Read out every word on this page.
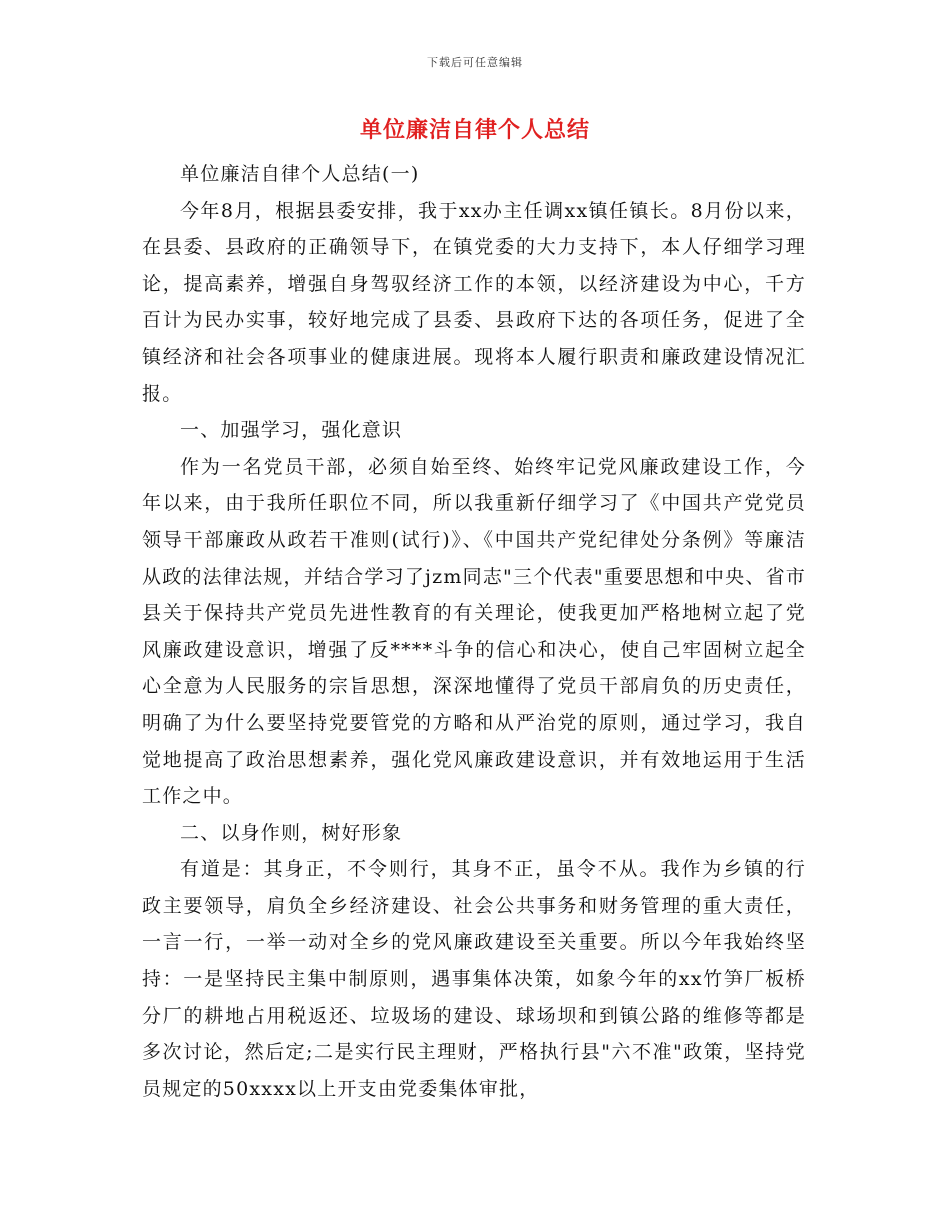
下载后可任意编辑
单位廉洁自律个人总结

单位廉洁自律个人总结(一)

今年8月，根据县委安排，我于xx办主任调xx镇任镇长。8月份以来，在县委、县政府的正确领导下，在镇党委的大力支持下，本人仔细学习理论，提高素养，增强自身驾驭经济工作的本领，以经济建设为中心，千方百计为民办实事，较好地完成了县委、县政府下达的各项任务，促进了全镇经济和社会各项事业的健康进展。现将本人履行职责和廉政建设情况汇报。

一、加强学习，强化意识

作为一名党员干部，必须自始至终、始终牢记党风廉政建设工作，今年以来，由于我所任职位不同，所以我重新仔细学习了《中国共产党党员领导干部廉政从政若干准则(试行)》、《中国共产党纪律处分条例》等廉洁从政的法律法规，并结合学习了jzm同志"三个代表"重要思想和中央、省市县关于保持共产党员先进性教育的有关理论，使我更加严格地树立起了党风廉政建设意识，增强了反****斗争的信心和决心，使自己牢固树立起全心全意为人民服务的宗旨思想，深深地懂得了党员干部肩负的历史责任，明确了为什么要坚持党要管党的方略和从严治党的原则，通过学习，我自觉地提高了政治思想素养，强化党风廉政建设意识，并有效地运用于生活工作之中。

二、以身作则，树好形象

有道是：其身正，不令则行，其身不正，虽令不从。我作为乡镇的行政主要领导，肩负全乡经济建设、社会公共事务和财务管理的重大责任，一言一行，一举一动对全乡的党风廉政建设至关重要。所以今年我始终坚持：一是坚持民主集中制原则，遇事集体决策，如象今年的xx竹笋厂板桥分厂的耕地占用税返还、垃圾场的建设、球场坝和到镇公路的维修等都是多次讨论，然后定;二是实行民主理财，严格执行县"六不准"政策，坚持党员规定的50xxxx以上开支由党委集体审批，
